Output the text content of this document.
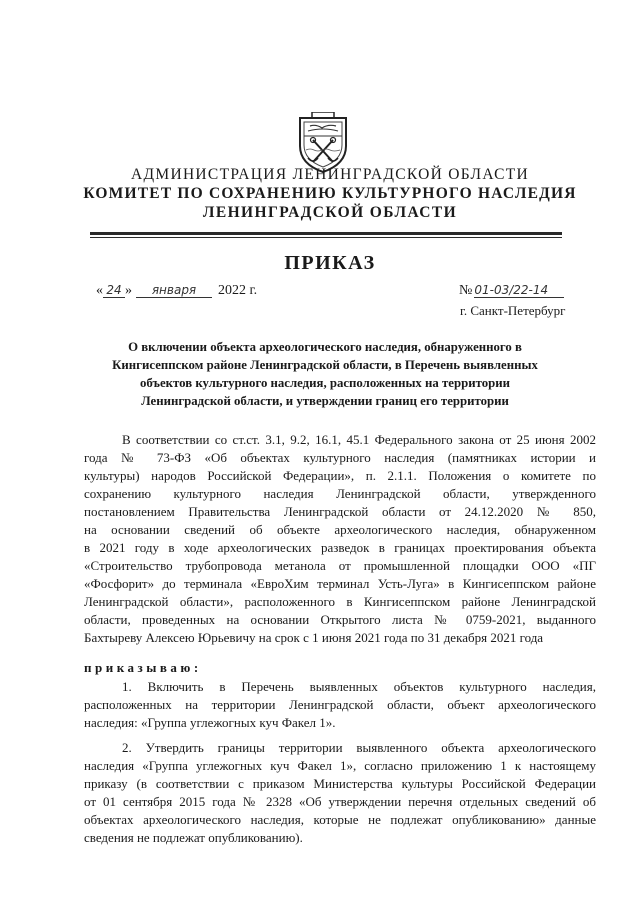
АДМИНИСТРАЦИЯ ЛЕНИНГРАДСКОЙ ОБЛАСТИ
КОМИТЕТ ПО СОХРАНЕНИЮ КУЛЬТУРНОГО НАСЛЕДИЯ
ЛЕНИНГРАДСКОЙ ОБЛАСТИ
ПРИКАЗ
« 24 » января 2022 г.	№ 01-03/22-14
г. Санкт-Петербург
О включении объекта археологического наследия, обнаруженного в
Кингисеппском районе Ленинградской области, в Перечень выявленных
объектов культурного наследия, расположенных на территории
Ленинградской области, и утверждении границ его территории
В соответствии со ст.ст. 3.1, 9.2, 16.1, 45.1 Федерального закона от 25 июня 2002
года № 73-ФЗ «Об объектах культурного наследия (памятниках истории и
культуры) народов Российской Федерации», п. 2.1.1. Положения о комитете по
сохранению культурного наследия Ленинградской области, утвержденного
постановлением Правительства Ленинградской области от 24.12.2020 № 850,
на основании сведений об объекте археологического наследия, обнаруженном
в 2021 году в ходе археологических разведок в границах проектирования объекта
«Строительство трубопровода метанола от промышленной площадки ООО «ПГ
«Фосфорит» до терминала «ЕвроХим терминал Усть-Луга» в Кингисеппском районе
Ленинградской области», расположенного в Кингисеппском районе Ленинградской
области, проведенных на основании Открытого листа № 0759-2021, выданного
Бахтыреву Алексею Юрьевичу на срок с 1 июня 2021 года по 31 декабря 2021 года
приказываю:
1. Включить в Перечень выявленных объектов культурного наследия,
расположенных на территории Ленинградской области, объект археологического
наследия: «Группа углежогных куч Факел 1».
2. Утвердить границы территории выявленного объекта археологического
наследия «Группа углежогных куч Факел 1», согласно приложению 1 к настоящему
приказу (в соответствии с приказом Министерства культуры Российской Федерации
от 01 сентября 2015 года № 2328 «Об утверждении перечня отдельных сведений об
объектах археологического наследия, которые не подлежат опубликованию» данные
сведения не подлежат опубликованию).
